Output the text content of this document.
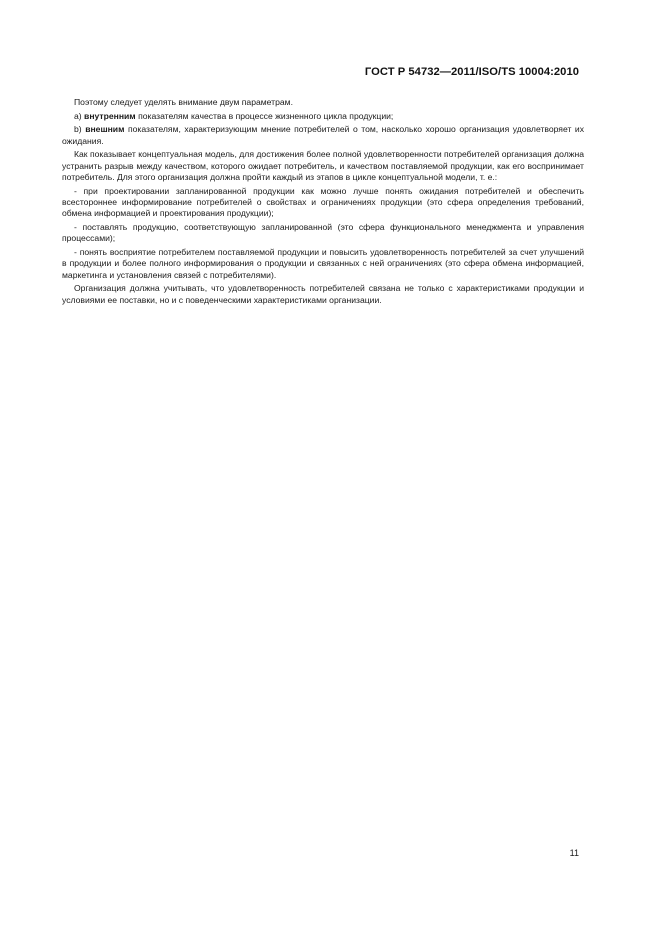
ГОСТ Р 54732—2011/ISO/TS 10004:2010

Поэтому следует уделять внимание двум параметрам.

а) внутренним показателям качества в процессе жизненного цикла продукции;

b) внешним показателям, характеризующим мнение потребителей о том, насколько хорошо организация удовлетворяет их ожидания.

Как показывает концептуальная модель, для достижения более полной удовлетворенности потребителей организация должна устранить разрыв между качеством, которого ожидает потребитель, и качеством поставляемой продукции, как его воспринимает потребитель. Для этого организация должна пройти каждый из этапов в цикле концептуальной модели, т. е.:

- при проектировании запланированной продукции как можно лучше понять ожидания потребителей и обеспечить всестороннее информирование потребителей о свойствах и ограничениях продукции (это сфера определения требований, обмена информацией и проектирования продукции);

- поставлять продукцию, соответствующую запланированной (это сфера функционального менеджмента и управления процессами);

- понять восприятие потребителем поставляемой продукции и повысить удовлетворенность потребителей за счет улучшений в продукции и более полного информирования о продукции и связанных с ней ограничениях (это сфера обмена информацией, маркетинга и установления связей с потребителями).

Организация должна учитывать, что удовлетворенность потребителей связана не только с характеристиками продукции и условиями ее поставки, но и с поведенческими характеристиками организации.

11
